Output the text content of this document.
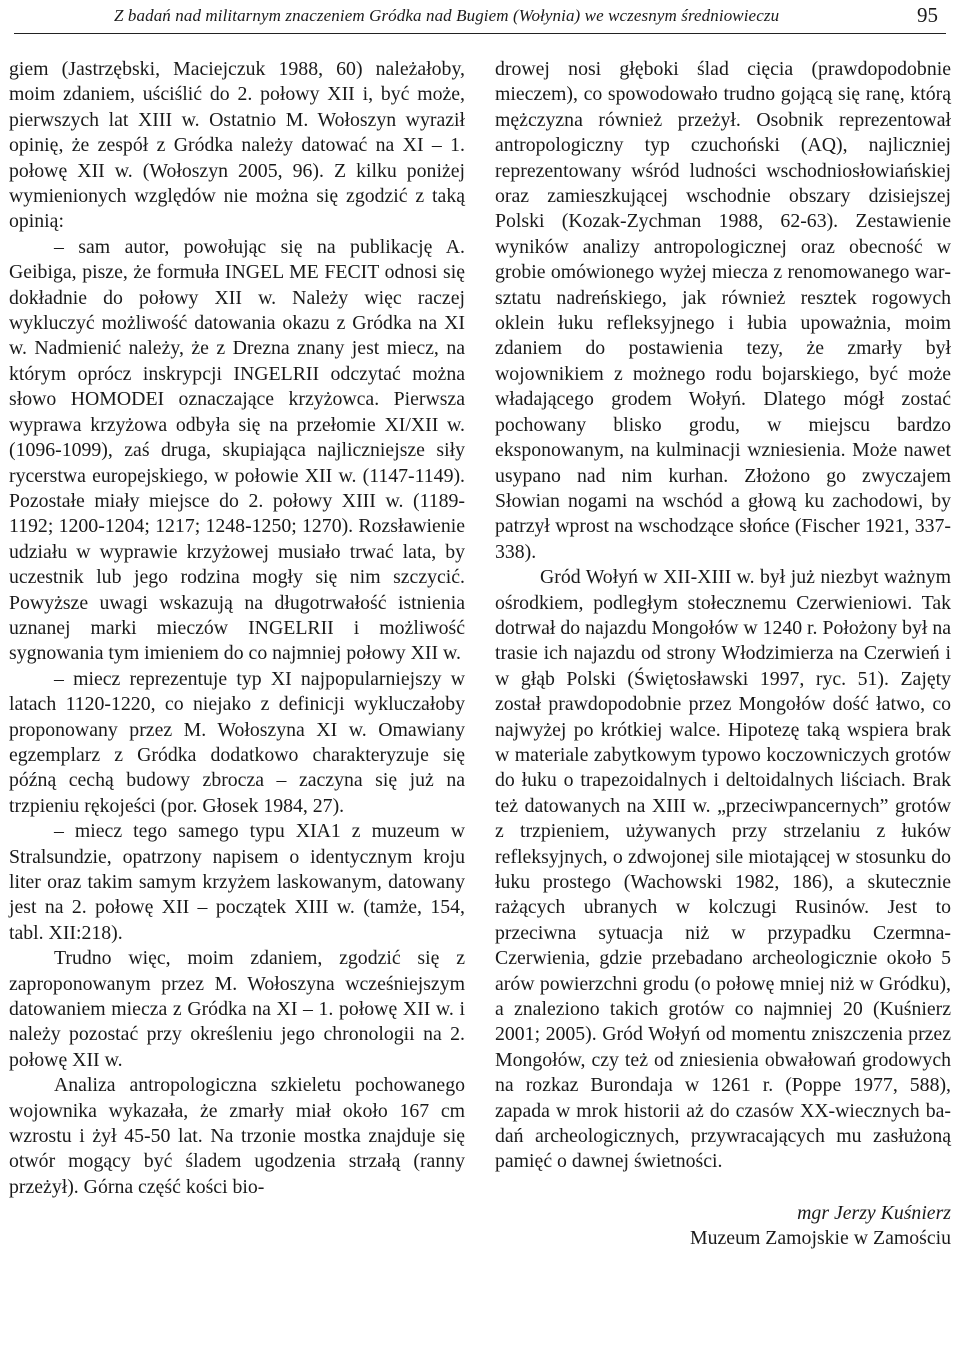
Z badań nad militarnym znaczeniem Gródka nad Bugiem (Wołynia) we wczesnym średniowieczu	95

giem (Jastrzębski, Maciejczuk 1988, 60) należałoby, moim zdaniem, uściślić do 2. połowy XII i, być może, pierwszych lat XIII w. Ostatnio M. Wołoszyn wyraził opinię, że zespół z Gródka należy datować na XI – 1. połowę XII w. (Wołoszyn 2005, 96). Z kilku poniżej wymienionych względów nie można się zgodzić z taką opinią:

– sam autor, powołując się na publikację A. Geibiga, pisze, że formuła INGEL ME FECIT odnosi się dokładnie do połowy XII w. Należy więc raczej wykluczyć możliwość datowania okazu z Gródka na XI w. Nadmienić należy, że z Drezna znany jest miecz, na którym oprócz inskrypcji INGELRII odczytać można słowo HOMODEI oznaczające krzyżowca. Pierwsza wyprawa krzyżowa odbyła się na przełomie XI/XII w. (1096-1099), zaś druga, skupiająca najliczniejsze siły rycerstwa europejskiego, w połowie XII w. (1147-1149). Pozostałe miały miejsce do 2. połowy XIII w. (1189-1192; 1200-1204; 1217; 1248-1250; 1270). Rozsławienie udziału w wyprawie krzyżowej musiało trwać lata, by uczestnik lub jego rodzina mogły się nim szczycić. Powyższe uwagi wskazują na długotrwałość istnienia uznanej marki mieczów INGELRII i możliwość sygnowania tym imieniem do co najmniej połowy XII w.

– miecz reprezentuje typ XI najpopularniejszy w latach 1120-1220, co niejako z definicji wykluczałoby proponowany przez M. Wołoszyna XI w. Omawiany egzemplarz z Gródka dodatkowo charakteryzuje się późną cechą budowy zbrocza – zaczyna się już na trzpieniu rękojeści (por. Głosek 1984, 27).

– miecz tego samego typu XIA1 z muzeum w Stralsundzie, opatrzony napisem o identycznym kroju liter oraz takim samym krzyżem laskowanym, datowany jest na 2. połowę XII – początek XIII w. (tamże, 154, tabl. XII:218).

Trudno więc, moim zdaniem, zgodzić się z zaproponowanym przez M. Wołoszyna wcześniejszym datowaniem miecza z Gródka na XI – 1. połowę XII w. i należy pozostać przy określeniu jego chronologii na 2. połowę XII w.

Analiza antropologiczna szkieletu pochowanego wojownika wykazała, że zmarły miał około 167 cm wzrostu i żył 45-50 lat. Na trzonie mostka znajduje się otwór mogący być śladem ugodzenia strzałą (ranny przeżył). Górna część kości bio-

drowej nosi głęboki ślad cięcia (prawdopodobnie mieczem), co spowodowało trudno gojącą się ranę, którą mężczyzna również przeżył. Osobnik reprezentował antropologiczny typ czuchoński (AQ), najliczniej reprezentowany wśród ludności wschodniosłowiańskiej oraz zamieszkującej wschodnie obszary dzisiejszej Polski (Kozak-Zychman 1988, 62-63). Zestawienie wyników analizy antropologicznej oraz obecność w grobie omówionego wyżej miecza z renomowanego warsztatu nadreńskiego, jak również resztek rogowych oklein łuku refleksyjnego i łubia upoważnia, moim zdaniem do postawienia tezy, że zmarły był wojownikiem z możnego rodu bojarskiego, być może władającego grodem Wołyń. Dlatego mógł zostać pochowany blisko grodu, w miejscu bardzo eksponowanym, na kulminacji wzniesienia. Może nawet usypano nad nim kurhan. Złożono go zwyczajem Słowian nogami na wschód a głową ku zachodowi, by patrzył wprost na wschodzące słońce (Fischer 1921, 337-338).

Gród Wołyń w XII-XIII w. był już niezbyt ważnym ośrodkiem, podległym stołecznemu Czerwieniowi. Tak dotrwał do najazdu Mongołów w 1240 r. Położony był na trasie ich najazdu od strony Włodzimierza na Czerwień i w głąb Polski (Świętosławski 1997, ryc. 51). Zajęty został prawdopodobnie przez Mongołów dość łatwo, co najwyżej po krótkiej walce. Hipotezę taką wspiera brak w materiale zabytkowym typowo koczowniczych grotów do łuku o trapezoidalnych i deltoidalnych liściach. Brak też datowanych na XIII w. „przeciwpancernych” grotów z trzpieniem, używanych przy strzelaniu z łuków refleksyjnych, o zdwojonej sile miotającej w stosunku do łuku prostego (Wachowski 1982, 186), a skutecznie rażących ubranych w kolczugi Rusinów. Jest to przeciwna sytuacja niż w przypadku Czermna-Czerwienia, gdzie przebadano archeologicznie około 5 arów powierzchni grodu (o połowę mniej niż w Gródku), a znaleziono takich grotów co najmniej 20 (Kuśnierz 2001; 2005). Gród Wołyń od momentu zniszczenia przez Mongołów, czy też od zniesienia obwałowań grodowych na rozkaz Burondaja w 1261 r. (Poppe 1977, 588), zapada w mrok historii aż do czasów XX-wiecznych badań archeologicznych, przywracających mu zasłużoną pamięć o dawnej świetności.

mgr Jerzy Kuśnierz

Muzeum Zamojskie w Zamościu
